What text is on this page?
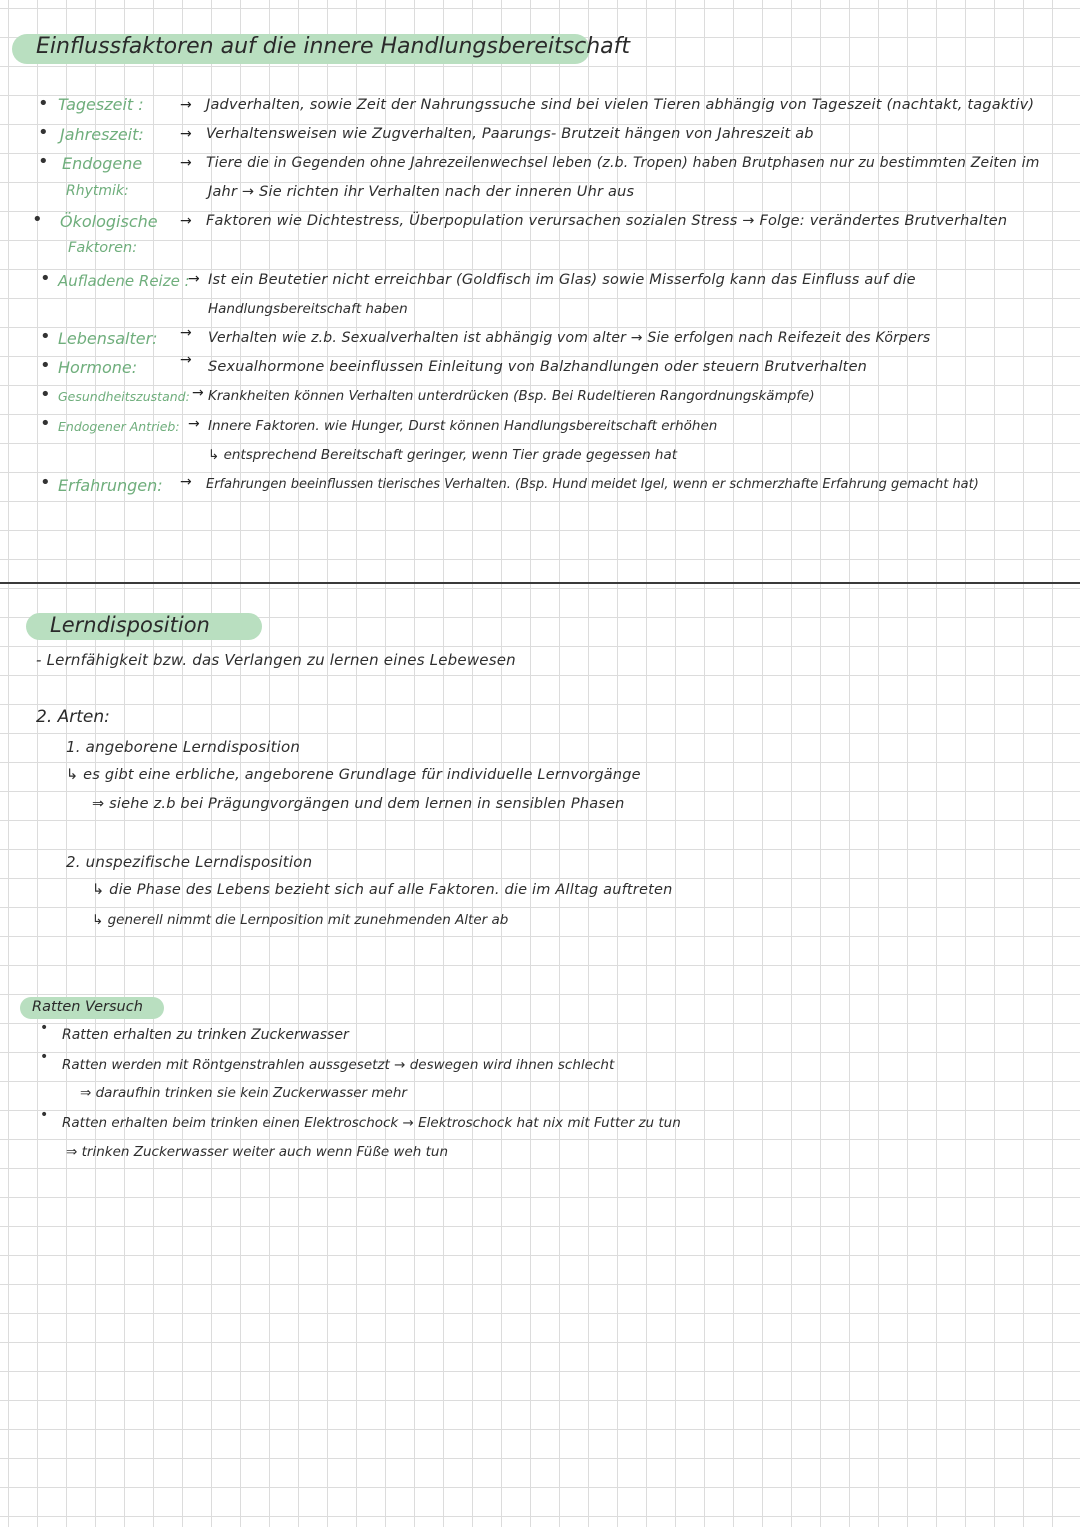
Einflussfaktoren auf die innere Handlungsbereitschaft
• Tageszeit :	→ Jadverhalten, sowie Zeit der Nahrungssuche sind bei vielen Tieren abhängig von Tageszeit (nachtakt, tagaktiv)
• Jahreszeit:	→ Verhaltensweisen wie Zugverhalten, Paarungs- Brutzeit hängen von Jahreszeit ab
• Endogene
Rhytmik:
→ Tiere die in Gegenden ohne Jahrezeilenwechsel leben (z.b. Tropen) haben Brutphasen nur zu bestimmten Zeiten im
Jahr → Sie richten ihr Verhalten nach der inneren Uhr aus
• Ökologische
Faktoren:
→ Faktoren wie Dichtestress, Überpopulation verursachen sozialen Stress → Folge: verändertes Brutverhalten
• Aufladene Reize :
→ Ist ein Beutetier nicht erreichbar (Goldfisch im Glas) sowie Misserfolg kann das Einfluss auf die
Handlungsbereitschaft haben
• Lebensalter: → Verhalten wie z.b. Sexualverhalten ist abhängig vom alter → Sie erfolgen nach Reifezeit des Körpers
• Hormone:	→ Sexualhormone beeinflussen Einleitung von Balzhandlungen oder steuern Brutverhalten
• Gesundheitszustand: → Krankheiten können Verhalten unterdrücken (Bsp. Bei Rudeltieren Rangordnungskämpfe)
• Endogener Antrieb: → Innere Faktoren. wie Hunger, Durst können Handlungsbereitschaft erhöhen
↳ entsprechend Bereitschaft geringer, wenn Tier grade gegessen hat
• Erfahrungen: → Erfahrungen beeinflussen tierisches Verhalten. (Bsp. Hund meidet Igel, wenn er schmerzhafte Erfahrung gemacht hat)
Lerndisposition
- Lernfähigkeit bzw. das Verlangen zu lernen eines Lebewesen
2. Arten:
1. angeborene Lerndisposition
↳ es gibt eine erbliche, angeborene Grundlage für individuelle Lernvorgänge
⇒ siehe z.b bei Prägungvorgängen und dem lernen in sensiblen Phasen
2. unspezifische Lerndisposition
↳ die Phase des Lebens bezieht sich auf alle Faktoren. die im Alltag auftreten
↳ generell nimmt die Lernposition mit zunehmenden Alter ab
Ratten Versuch
• Ratten erhalten zu trinken Zuckerwasser
• Ratten werden mit Röntgenstrahlen aussgesetzt → deswegen wird ihnen schlecht
⇒ daraufhin trinken sie kein Zuckerwasser mehr
• Ratten erhalten beim trinken einen Elektroschock → Elektroschock hat nix mit Futter zu tun
⇒ trinken Zuckerwasser weiter auch wenn Füße weh tun
